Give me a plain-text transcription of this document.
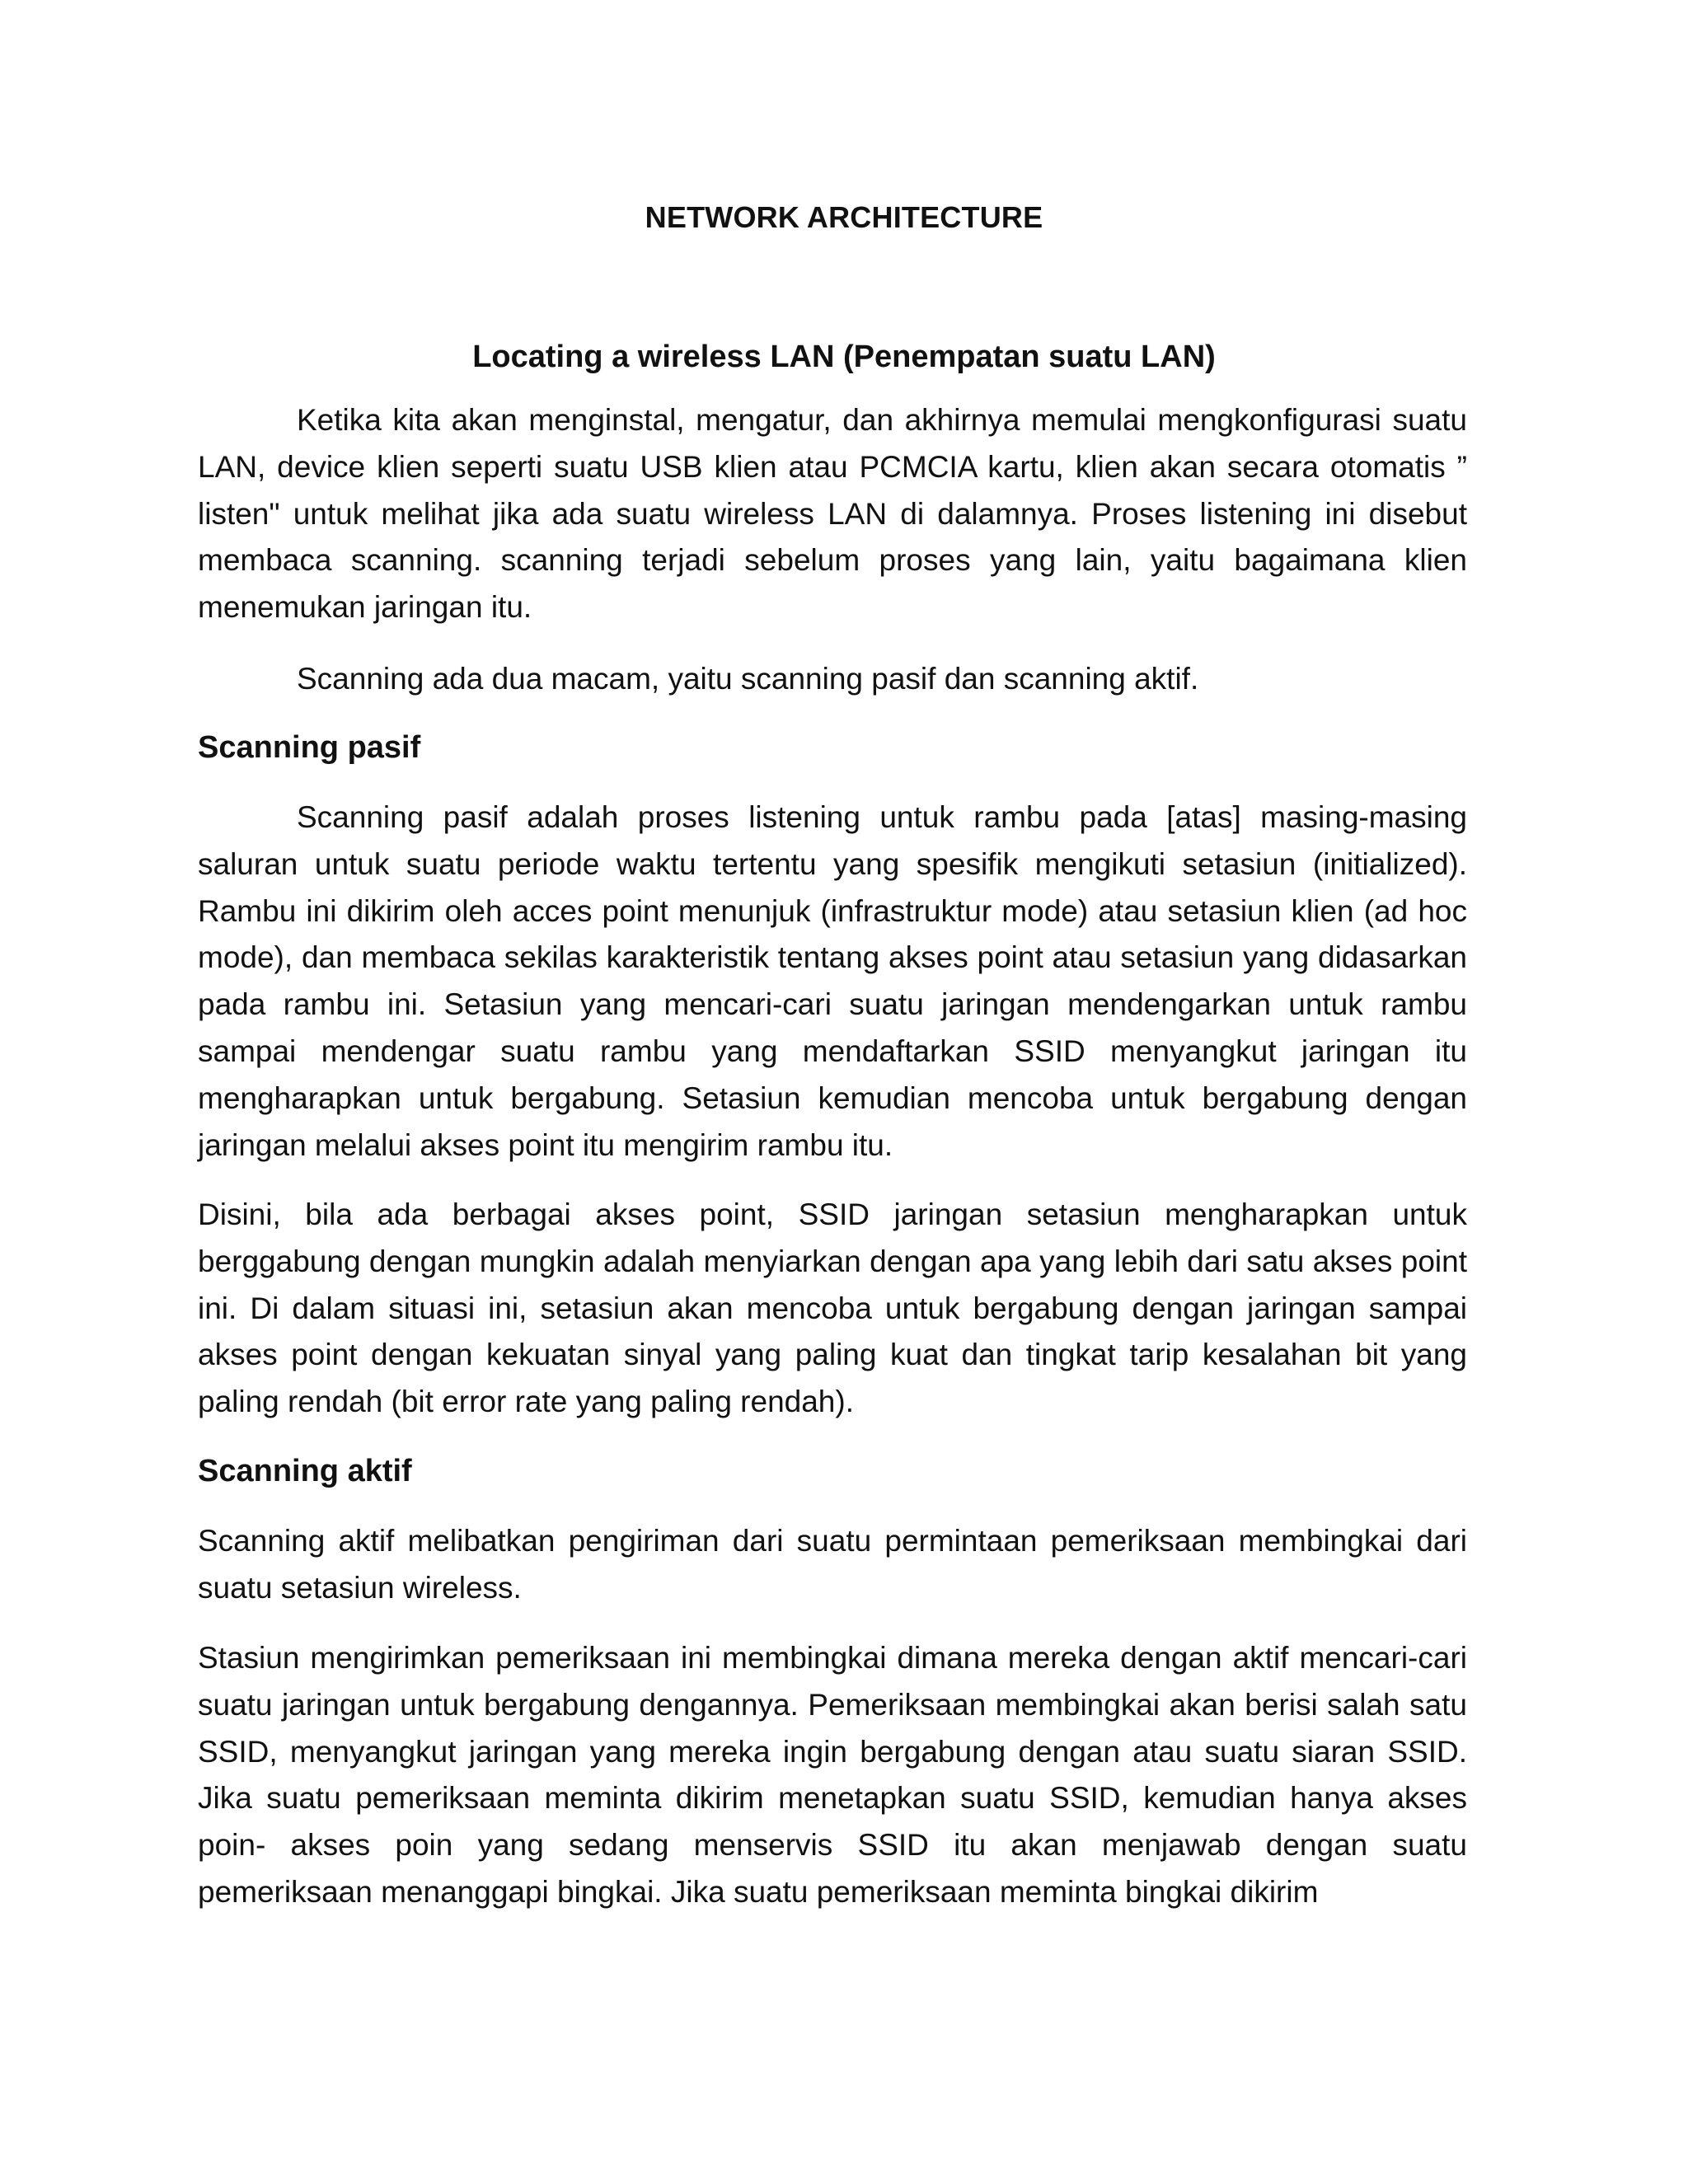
NETWORK ARCHITECTURE
Locating a wireless LAN (Penempatan suatu LAN)

Ketika kita akan menginstal, mengatur, dan akhirnya memulai mengkonfigurasi suatu LAN, device klien seperti suatu USB klien atau PCMCIA kartu, klien akan secara otomatis ” listen" untuk melihat jika ada suatu wireless LAN di dalamnya. Proses listening ini disebut membaca scanning. scanning terjadi sebelum proses yang lain, yaitu bagaimana klien menemukan jaringan itu.

Scanning ada dua macam, yaitu scanning pasif dan scanning aktif.

Scanning pasif

Scanning pasif adalah proses listening untuk rambu pada [atas] masing-masing saluran untuk suatu periode waktu tertentu yang spesifik mengikuti setasiun (initialized). Rambu ini dikirim oleh acces point menunjuk (infrastruktur mode) atau setasiun klien (ad hoc mode), dan membaca sekilas karakteristik tentang akses point atau setasiun yang didasarkan pada rambu ini. Setasiun yang mencari-cari suatu jaringan mendengarkan untuk rambu sampai mendengar suatu rambu yang mendaftarkan SSID menyangkut jaringan itu mengharapkan untuk bergabung. Setasiun kemudian mencoba untuk bergabung dengan jaringan melalui akses point itu mengirim rambu itu.

Disini, bila ada berbagai akses point, SSID jaringan setasiun mengharapkan untuk berggabung dengan mungkin adalah menyiarkan dengan apa yang lebih dari satu akses point ini. Di dalam situasi ini, setasiun akan mencoba untuk bergabung dengan jaringan sampai akses point dengan kekuatan sinyal yang paling kuat dan tingkat tarip kesalahan bit yang paling rendah (bit error rate yang paling rendah).

Scanning aktif

Scanning aktif melibatkan pengiriman dari suatu permintaan pemeriksaan membingkai dari suatu setasiun wireless.

Stasiun mengirimkan pemeriksaan ini membingkai dimana mereka dengan aktif mencari-cari suatu jaringan untuk bergabung dengannya. Pemeriksaan membingkai akan berisi salah satu SSID, menyangkut jaringan yang mereka ingin bergabung dengan atau suatu siaran SSID. Jika suatu pemeriksaan meminta dikirim menetapkan suatu SSID, kemudian hanya akses poin- akses poin yang sedang menservis SSID itu akan menjawab dengan suatu pemeriksaan menanggapi bingkai. Jika suatu pemeriksaan meminta bingkai dikirim
